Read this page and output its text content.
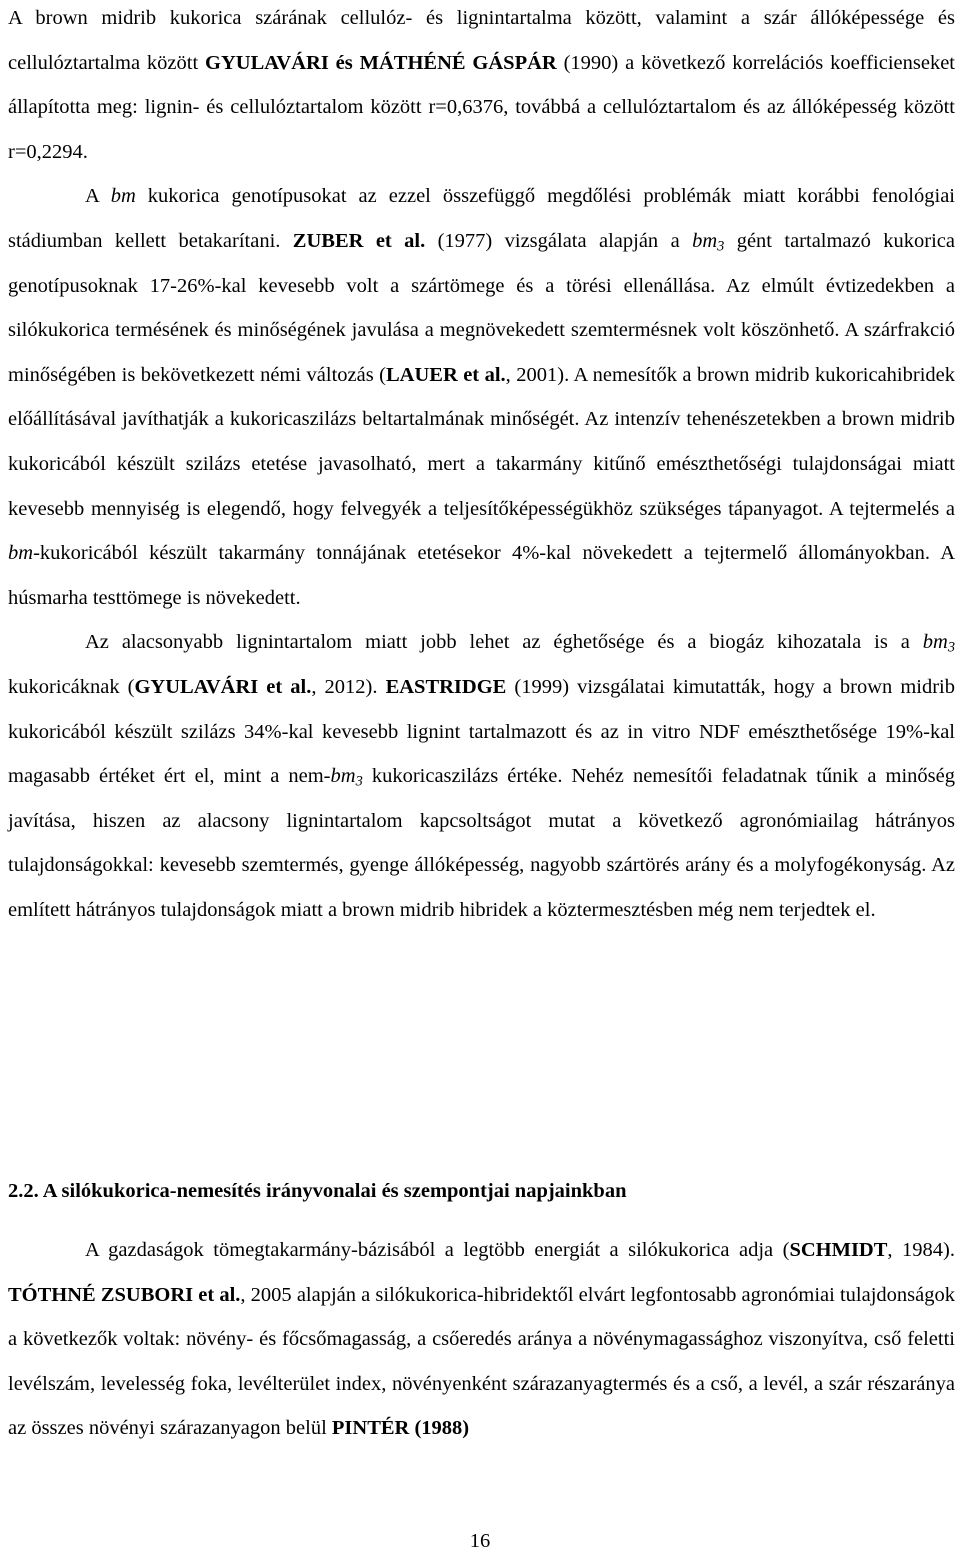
A brown midrib kukorica szárának cellulóz- és lignintartalma között, valamint a szár állóképessége és cellulóztartalma között GYULAVÁRI és MÁTHÉNÉ GÁSPÁR (1990) a következő korrelációs koefficienseket állapította meg: lignin- és cellulóztartalom között r=0,6376, továbbá a cellulóztartalom és az állóképesség között r=0,2294.

A bm kukorica genotípusokat az ezzel összefüggő megdőlési problémák miatt korábbi fenológiai stádiumban kellett betakarítani. ZUBER et al. (1977) vizsgálata alapján a $bm_3$ gént tartalmazó kukorica genotípusoknak 17-26%-kal kevesebb volt a szártömege és a törési ellenállása. Az elmúlt évtizedekben a silókukorica termésének és minőségének javulása a megnövekedett szemtermésnek volt köszönhető. A szárfrakció minőségében is bekövetkezett némi változás (LAUER et al., 2001). A nemesítők a brown midrib kukoricahibridek előállításával javíthatják a kukoricaszilázs beltartalmának minőségét. Az intenzív tehenészetekben a brown midrib kukoricából készült szilázs etetése javasolható, mert a takarmány kitűnő emészthetőségi tulajdonságai miatt kevesebb mennyiség is elegendő, hogy felvegyék a teljesítőképességükhöz szükséges tápanyagot. A tejtermelés a bm-kukoricából készült takarmány tonnájának etetésekor 4%-kal növekedett a tejtermelő állományokban. A húsmarha testtömege is növekedett.

Az alacsonyabb lignintartalom miatt jobb lehet az éghetősége és a biogáz kihozatala is a $bm_3$ kukoricáknak (GYULAVÁRI et al., 2012). EASTRIDGE (1999) vizsgálatai kimutatták, hogy a brown midrib kukoricából készült szilázs 34%-kal kevesebb lignint tartalmazott és az in vitro NDF emészthetősége 19%-kal magasabb értéket ért el, mint a nem-$bm_3$ kukoricaszilázs értéke. Nehéz nemesítői feladatnak tűnik a minőség javítása, hiszen az alacsony lignintartalom kapcsoltságot mutat a következő agronómiailag hátrányos tulajdonságokkal: kevesebb szemtermés, gyenge állóképesség, nagyobb szártörés arány és a molyfogékonyság. Az említett hátrányos tulajdonságok miatt a brown midrib hibridek a köztermesztésben még nem terjedtek el.

2.2. A silókukorica-nemesítés irányvonalai és szempontjai napjainkban

A gazdaságok tömegtakarmány-bázisából a legtöbb energiát a silókukorica adja (SCHMIDT, 1984). TÓTHNÉ ZSUBORI et al., 2005 alapján a silókukorica-hibridektől elvárt legfontosabb agronómiai tulajdonságok a következők voltak: növény- és főcsőmagasság, a csőeredés aránya a növénymagassághoz viszonyítva, cső feletti levélszám, levelesség foka, levélterület index, növényenként szárazanyagtermés és a cső, a levél, a szár részaránya az összes növényi szárazanyagon belül PINTÉR (1988)

16
